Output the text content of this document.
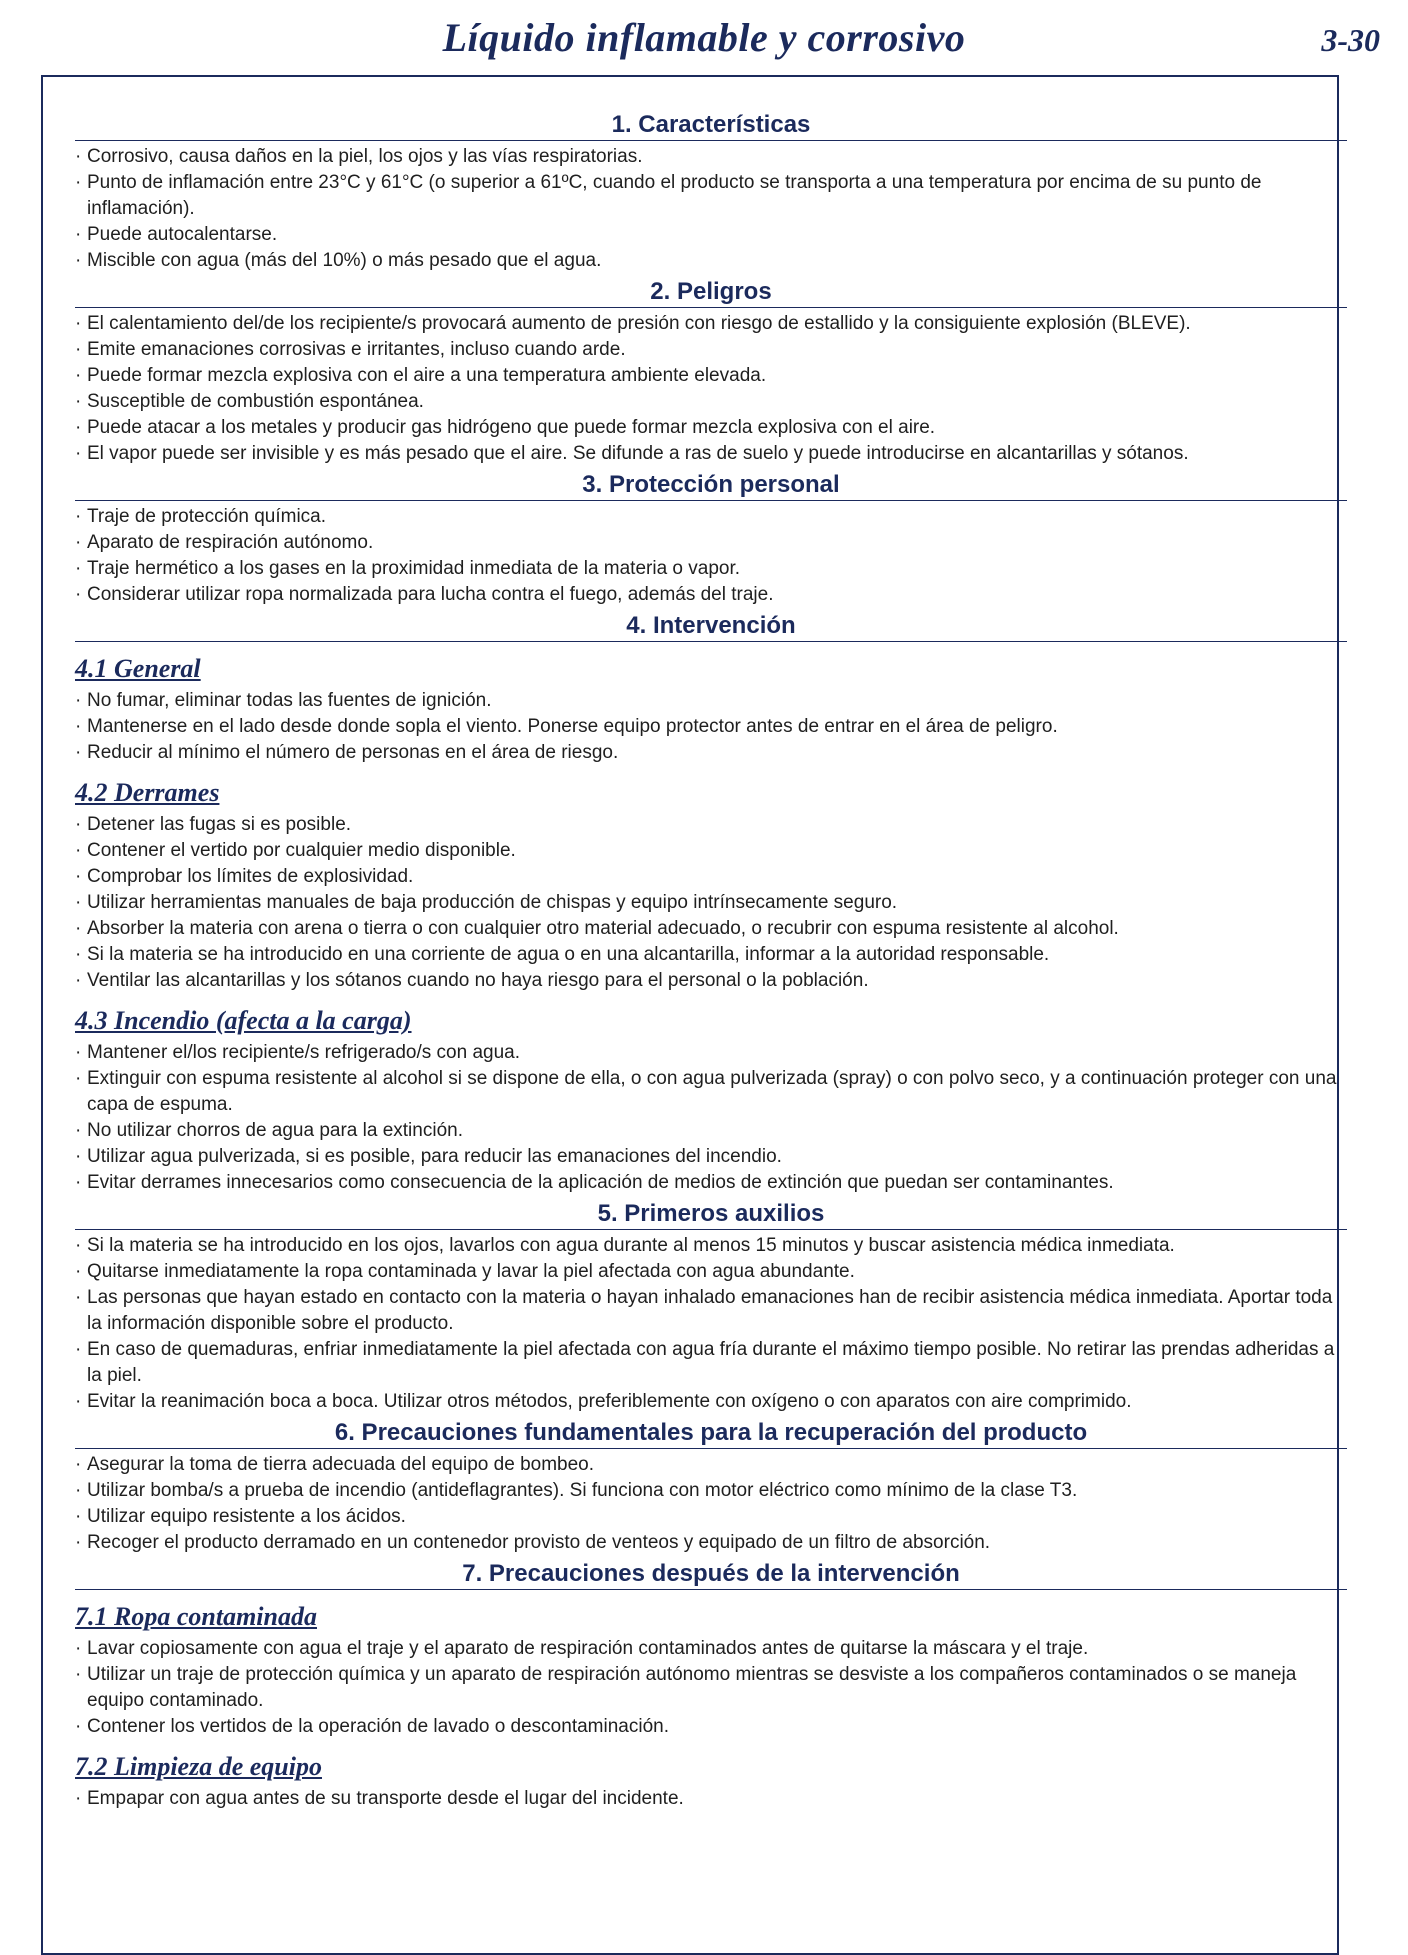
Líquido inflamable y corrosivo	3-30
1. Características
· Corrosivo, causa daños en la piel, los ojos y las vías respiratorias.
· Punto de inflamación entre 23°C y 61°C (o superior a 61ºC, cuando el producto se transporta a una temperatura por encima de su punto de inflamación).
· Puede autocalentarse.
· Miscible con agua (más del 10%) o más pesado que el agua.
2. Peligros
· El calentamiento del/de los recipiente/s provocará aumento de presión con riesgo de estallido y la consiguiente explosión (BLEVE).
· Emite emanaciones corrosivas e irritantes, incluso cuando arde.
· Puede formar mezcla explosiva con el aire a una temperatura ambiente elevada.
· Susceptible de combustión espontánea.
· Puede atacar a los metales y producir gas hidrógeno que puede formar mezcla explosiva con el aire.
· El vapor puede ser invisible y es más pesado que el aire. Se difunde a ras de suelo y puede introducirse en alcantarillas y sótanos.
3. Protección personal
· Traje de protección química.
· Aparato de respiración autónomo.
· Traje hermético a los gases en la proximidad inmediata de la materia o vapor.
· Considerar utilizar ropa normalizada para lucha contra el fuego, además del traje.
4. Intervención
4.1 General
· No fumar, eliminar todas las fuentes de ignición.
· Mantenerse en el lado desde donde sopla el viento. Ponerse equipo protector antes de entrar en el área de peligro.
· Reducir al mínimo el número de personas en el área de riesgo.
4.2 Derrames
· Detener las fugas si es posible.
· Contener el vertido por cualquier medio disponible.
· Comprobar los límites de explosividad.
· Utilizar herramientas manuales de baja producción de chispas y equipo intrínsecamente seguro.
· Absorber la materia con arena o tierra o con cualquier otro material adecuado, o recubrir con espuma resistente al alcohol.
· Si la materia se ha introducido en una corriente de agua o en una alcantarilla, informar a la autoridad responsable.
· Ventilar las alcantarillas y los sótanos cuando no haya riesgo para el personal o la población.
4.3 Incendio (afecta a la carga)
· Mantener el/los recipiente/s refrigerado/s con agua.
· Extinguir con espuma resistente al alcohol si se dispone de ella, o con agua pulverizada (spray) o con polvo seco, y a continuación proteger con una capa de espuma.
· No utilizar chorros de agua para la extinción.
· Utilizar agua pulverizada, si es posible, para reducir las emanaciones del incendio.
· Evitar derrames innecesarios como consecuencia de la aplicación de medios de extinción que puedan ser contaminantes.
5. Primeros auxilios
· Si la materia se ha introducido en los ojos, lavarlos con agua durante al menos 15 minutos y buscar asistencia médica inmediata.
· Quitarse inmediatamente la ropa contaminada y lavar la piel afectada con agua abundante.
· Las personas que hayan estado en contacto con la materia o hayan inhalado emanaciones han de recibir asistencia médica inmediata. Aportar toda la información disponible sobre el producto.
· En caso de quemaduras, enfriar inmediatamente la piel afectada con agua fría durante el máximo tiempo posible. No retirar las prendas adheridas a la piel.
· Evitar la reanimación boca a boca. Utilizar otros métodos, preferiblemente con oxígeno o con aparatos con aire comprimido.
6. Precauciones fundamentales para la recuperación del producto
· Asegurar la toma de tierra adecuada del equipo de bombeo.
· Utilizar bomba/s a prueba de incendio (antideflagrantes). Si funciona con motor eléctrico como mínimo de la clase T3.
· Utilizar equipo resistente a los ácidos.
· Recoger el producto derramado en un contenedor provisto de venteos y equipado de un filtro de absorción.
7. Precauciones después de la intervención
7.1 Ropa contaminada
· Lavar copiosamente con agua el traje y el aparato de respiración contaminados antes de quitarse la máscara y el traje.
· Utilizar un traje de protección química y un aparato de respiración autónomo mientras se desviste a los compañeros contaminados o se maneja equipo contaminado.
· Contener los vertidos de la operación de lavado o descontaminación.
7.2 Limpieza de equipo
· Empapar con agua antes de su transporte desde el lugar del incidente.
